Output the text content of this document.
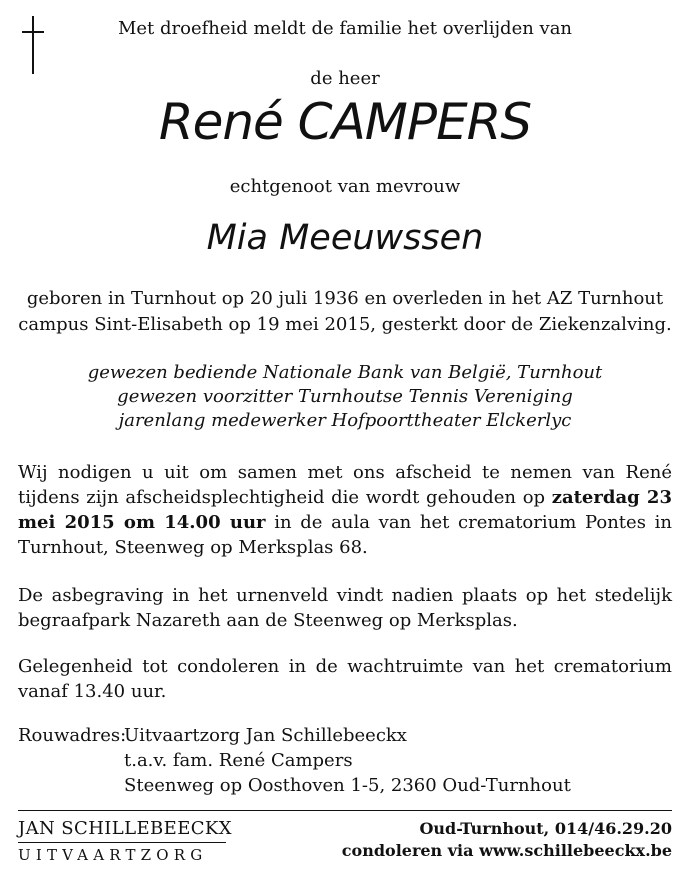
Met droefheid meldt de familie het overlijden van
de heer
René CAMPERS
echtgenoot van mevrouw
Mia Meeuwssen
geboren in Turnhout op 20 juli 1936 en overleden in het AZ Turnhout
campus Sint-Elisabeth op 19 mei 2015, gesterkt door de Ziekenzalving.
gewezen bediende Nationale Bank van België, Turnhout
gewezen voorzitter Turnhoutse Tennis Vereniging
jarenlang medewerker Hofpoorttheater Elckerlyc
Wij nodigen u uit om samen met ons afscheid te nemen van René tijdens zijn afscheidsplechtigheid die wordt gehouden op zaterdag 23 mei 2015 om 14.00 uur in de aula van het crematorium Pontes in Turnhout, Steenweg op Merksplas 68.
De asbegraving in het urnenveld vindt nadien plaats op het stedelijk begraafpark Nazareth aan de Steenweg op Merksplas.
Gelegenheid tot condoleren in de wachtruimte van het crematorium vanaf 13.40 uur.
Rouwadres:Uitvaartzorg Jan Schillebeeckx
t.a.v. fam. René Campers
Steenweg op Oosthoven 1-5, 2360 Oud-Turnhout
JAN SCHILLEBEECKX
UITVAARTZORG
Oud-Turnhout, 014/46.29.20
condoleren via www.schillebeeckx.be
